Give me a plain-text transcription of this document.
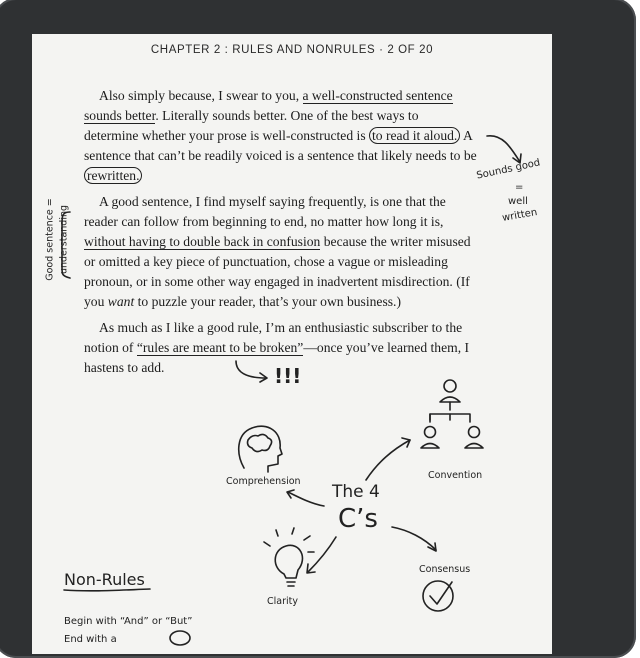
CHAPTER 2 : RULES AND NONRULES · 2 OF 20
Also simply because, I swear to you, a well-constructed sentence
sounds better. Literally sounds better. One of the best ways to
determine whether your prose is well-constructed is to read it aloud. A
sentence that can’t be readily voiced is a sentence that likely needs to be
rewritten.
A good sentence, I find myself saying frequently, is one that the
reader can follow from beginning to end, no matter how long it is,
without having to double back in confusion because the writer misused
or omitted a key piece of punctuation, chose a vague or misleading
pronoun, or in some other way engaged in inadvertent misdirection. (If
you want to puzzle your reader, that’s your own business.)
As much as I like a good rule, I’m an enthusiastic subscriber to the
notion of “rules are meant to be broken”—once you’ve learned them, I
hastens to add.
Sounds good
=
well
written
Good sentence = understanding
!!!
The 4
C’s
Comprehension
Convention
Clarity
Consensus
Non-Rules
Begin with “And” or “But”
End with a
